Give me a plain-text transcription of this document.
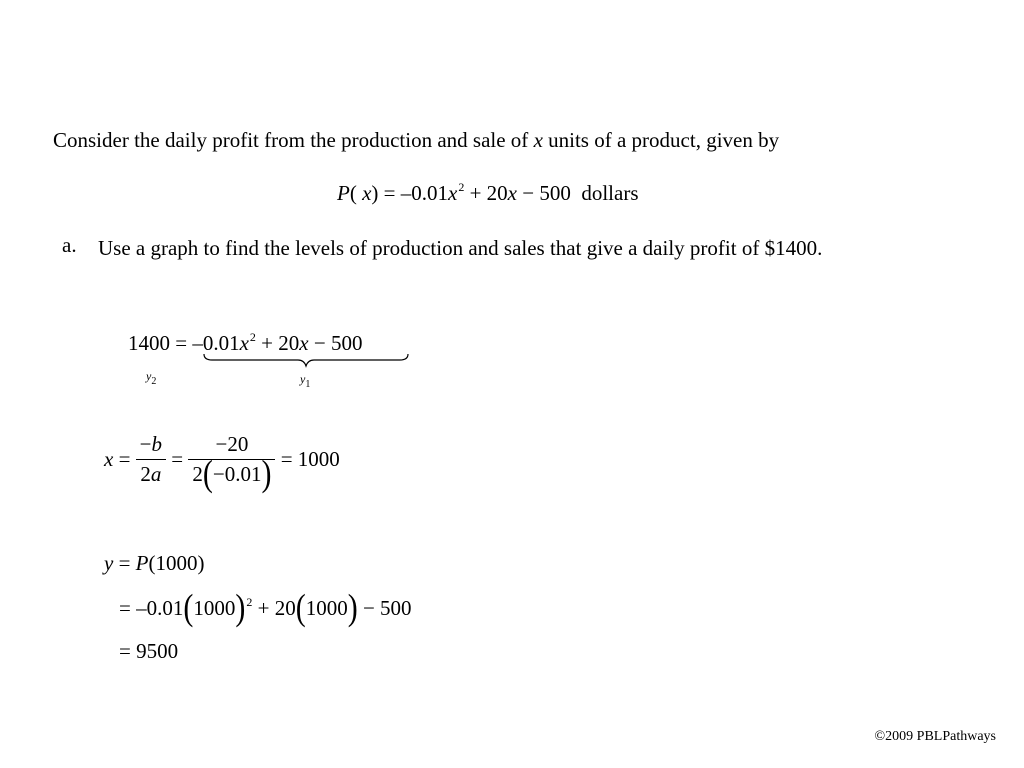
Consider the daily profit from the production and sale of x units of a product, given by
P( $x) = -0.01x^2 + 20x - 500$ dollars
a. Use a graph to find the levels of production and sales that give a daily profit of $1400.
$1400 = -0.01x^2 + 20x - 500$
$y_2$	$y_1$
$x = \frac{-b}{2a} = \frac{-20}{2(-0.01)} = 1000$
y = P(1000)
= $-0.01(1000)^2 + 20(1000) - 500$
= 9500
©2009 PBLPathways
